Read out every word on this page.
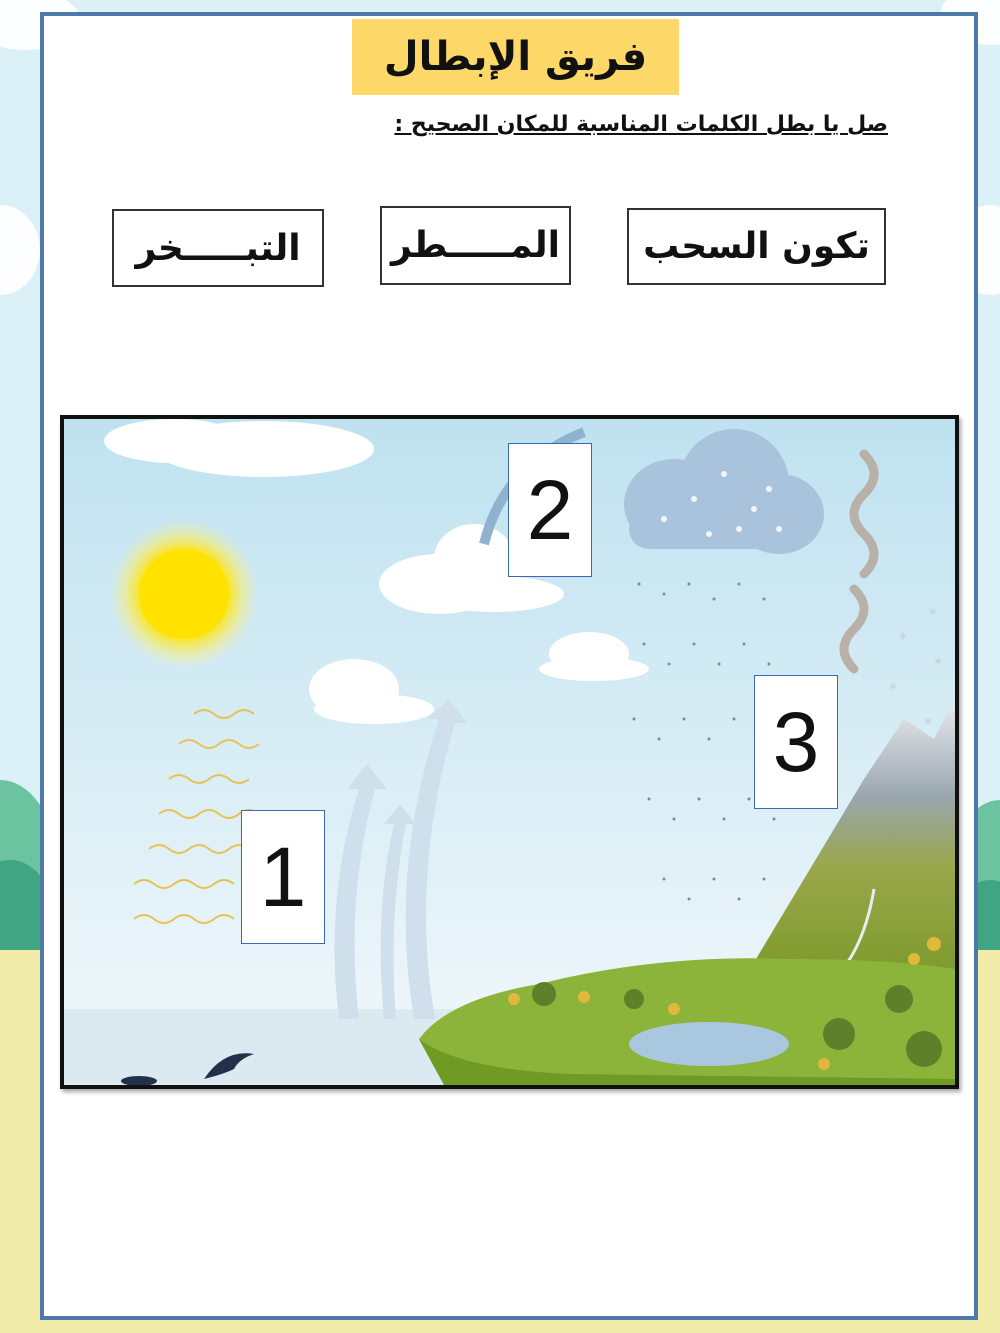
فريق الإبطال
صل يا بطل الكلمات المناسبة للمكان الصحيح :
تكون السحب
المـــــطر
التبـــــخر
*
*
*
*
*
1
2
3
